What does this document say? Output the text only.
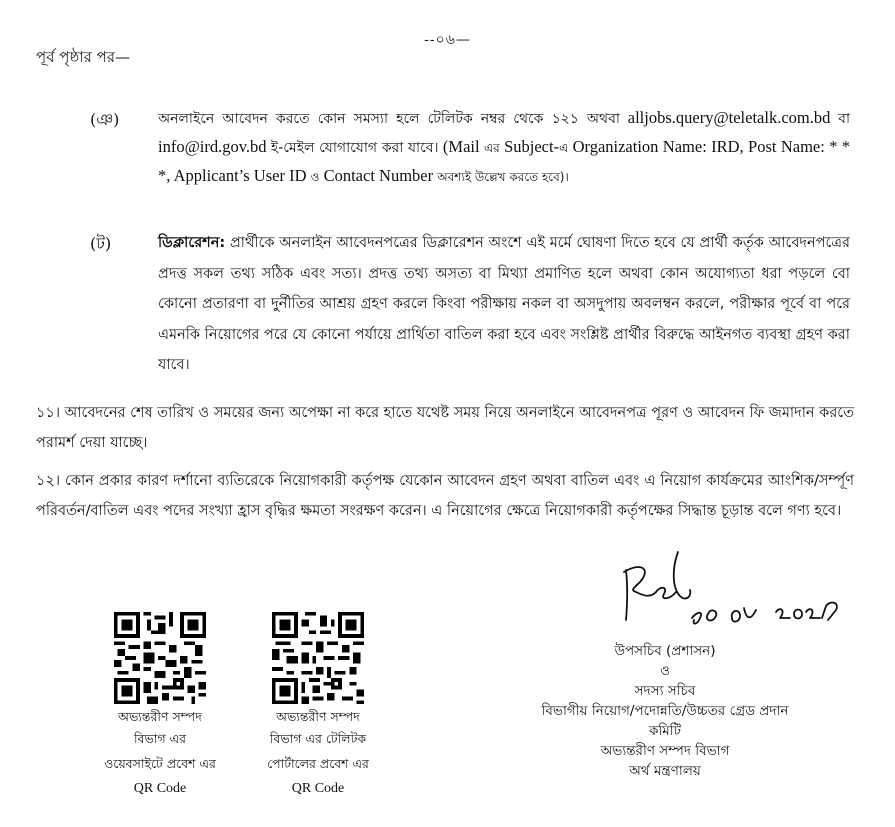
--০৬—
পূর্ব পৃষ্ঠার পর—
(ঞ)	অনলাইনে আবেদন করতে কোন সমস্যা হলে টেলিটক নম্বর থেকে ১২১ অথবা alljobs.query@teletalk.com.bd বা info@ird.gov.bd ই-মেইল যোগাযোগ করা যাবে। (Mail এর Subject-এ Organization Name: IRD, Post Name: * * *, Applicant’s User ID ও Contact Number অবশ্যই উল্লেখ করতে হবে)।
(ট)	ডিক্লারেশন: প্রার্থীকে অনলাইন আবেদনপত্রের ডিক্লারেশন অংশে এই মর্মে ঘোষণা দিতে হবে যে প্রার্থী কর্তৃক আবেদনপত্রের প্রদত্ত সকল তথ্য সঠিক এবং সত্য। প্রদত্ত তথ্য অসত্য বা মিথ্যা প্রমাণিত হলে অথবা কোন অযোগ্যতা ধরা পড়লে বো কোনো প্রতারণা বা দুর্নীতির আশ্রয় গ্রহণ করলে কিংবা পরীক্ষায় নকল বা অসদুপায় অবলম্বন করলে, পরীক্ষার পূর্বে বা পরে এমনকি নিয়োগের পরে যে কোনো পর্যায়ে প্রার্থিতা বাতিল করা হবে এবং সংশ্লিষ্ট প্রার্থীর বিরুদ্ধে আইনগত ব্যবস্থা গ্রহণ করা যাবে।
১১। আবেদনের শেষ তারিখ ও সময়ের জন্য অপেক্ষা না করে হাতে যথেষ্ট সময় নিয়ে অনলাইনে আবেদনপত্র পূরণ ও আবেদন ফি জমাদান করতে পরামর্শ দেয়া যাচ্ছে।
১২। কোন প্রকার কারণ দর্শানো ব্যতিরেকে নিয়োগকারী কর্তৃপক্ষ যেকোন আবেদন গ্রহণ অথবা বাতিল এবং এ নিয়োগ কার্যক্রমের আংশিক/সর্ম্পূণ পরিবর্তন/বাতিল এবং পদের সংখ্যা হ্রাস বৃদ্ধির ক্ষমতা সংরক্ষণ করেন। এ নিয়োগের ক্ষেত্রে নিয়োগকারী কর্তৃপক্ষের সিদ্ধান্ত চূড়ান্ত বলে গণ্য হবে।
অভ্যন্তরীণ সম্পদ
বিভাগ এর
ওয়েবসাইটে প্রবেশ এর
QR Code
অভ্যন্তরীণ সম্পদ
বিভাগ এর টেলিটক
পোর্টালের প্রবেশ এর
QR Code
উপসচিব (প্রশাসন)
ও
সদস্য সচিব
বিভাগীয় নিয়োগ/পদোন্নতি/উচ্চতর গ্রেড প্রদান
কমিটি
অভ্যন্তরীণ সম্পদ বিভাগ
অর্থ মন্ত্রণালয়
